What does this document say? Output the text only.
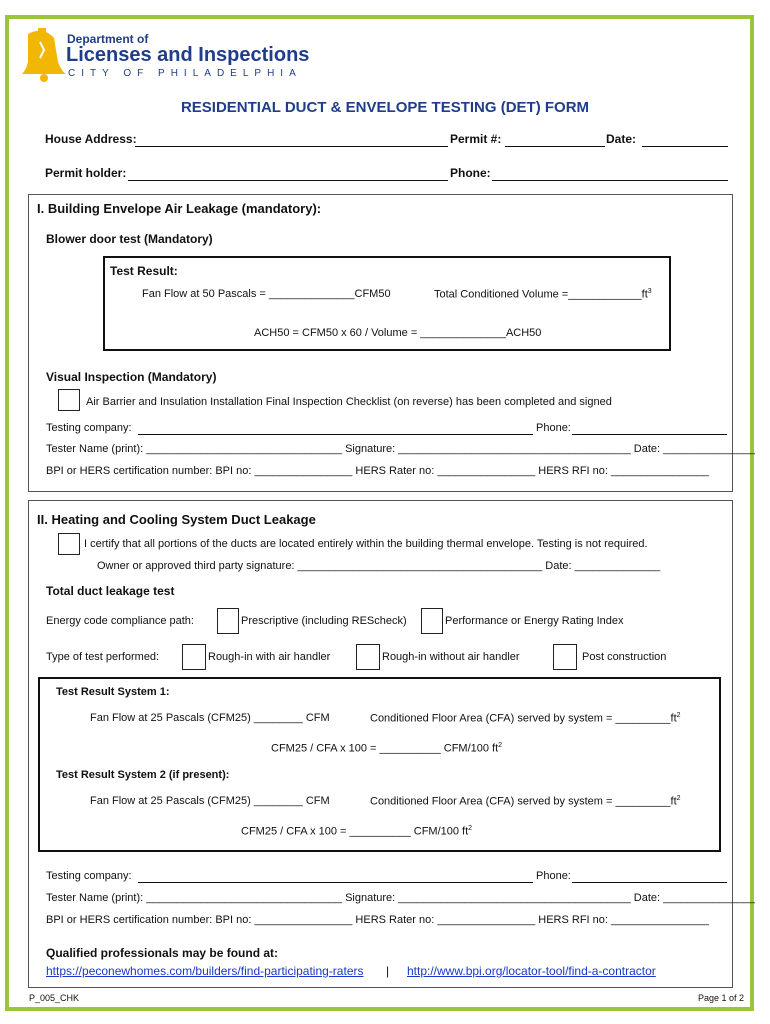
Department of
Licenses and Inspections
CITY OF PHILADELPHIA
RESIDENTIAL DUCT & ENVELOPE TESTING (DET) FORM
House Address:	Permit #:	Date:
Permit holder:	Phone:
I. Building Envelope Air Leakage (mandatory):
Blower door test (Mandatory)
Test Result:
Fan Flow at 50 Pascals = ______________CFM50	Total Conditioned Volume $=\_\_\_\_\_\_\_\_\_\_\_\_ft^3$
ACH50 = CFM50 x 60 / Volume = ______________ACH50
Visual Inspection (Mandatory)
Air Barrier and Insulation Installation Final Inspection Checklist (on reverse) has been completed and signed
Testing company:	Phone:
Tester Name (print): ________________________________ Signature: ______________________________________ Date: _______________
BPI or HERS certification number: BPI no: ________________ HERS Rater no: ________________ HERS RFI no: ________________
II. Heating and Cooling System Duct Leakage
I certify that all portions of the ducts are located entirely within the building thermal envelope. Testing is not required.
Owner or approved third party signature: ________________________________________ Date: ______________
Total duct leakage test
Energy code compliance path:	Prescriptive (including REScheck)	Performance or Energy Rating Index
Type of test performed:	Rough-in with air handler	Rough-in without air handler	Post construction
Test Result System 1:
Fan Flow at 25 Pascals (CFM25) ________ CFM	Conditioned Floor Area (CFA) served by system = $\_\_\_\_\_\_\_\_\_ft^2$
CFM25 / CFA x 100 = __________ CFM/100 $ft^2$
Test Result System 2 (if present):
Fan Flow at 25 Pascals (CFM25) ________ CFM	Conditioned Floor Area (CFA) served by system = $\_\_\_\_\_\_\_\_\_ft^2$
CFM25 / CFA x 100 = __________ CFM/100 $ft^2$
Testing company:	Phone:
Tester Name (print): ________________________________ Signature: ______________________________________ Date: _______________
BPI or HERS certification number: BPI no: ________________ HERS Rater no: ________________ HERS RFI no: ________________
Qualified professionals may be found at:
https://peconewhomes.com/builders/find-participating-raters | http://www.bpi.org/locator-tool/find-a-contractor
P_005_CHK	Page 1 of 2
